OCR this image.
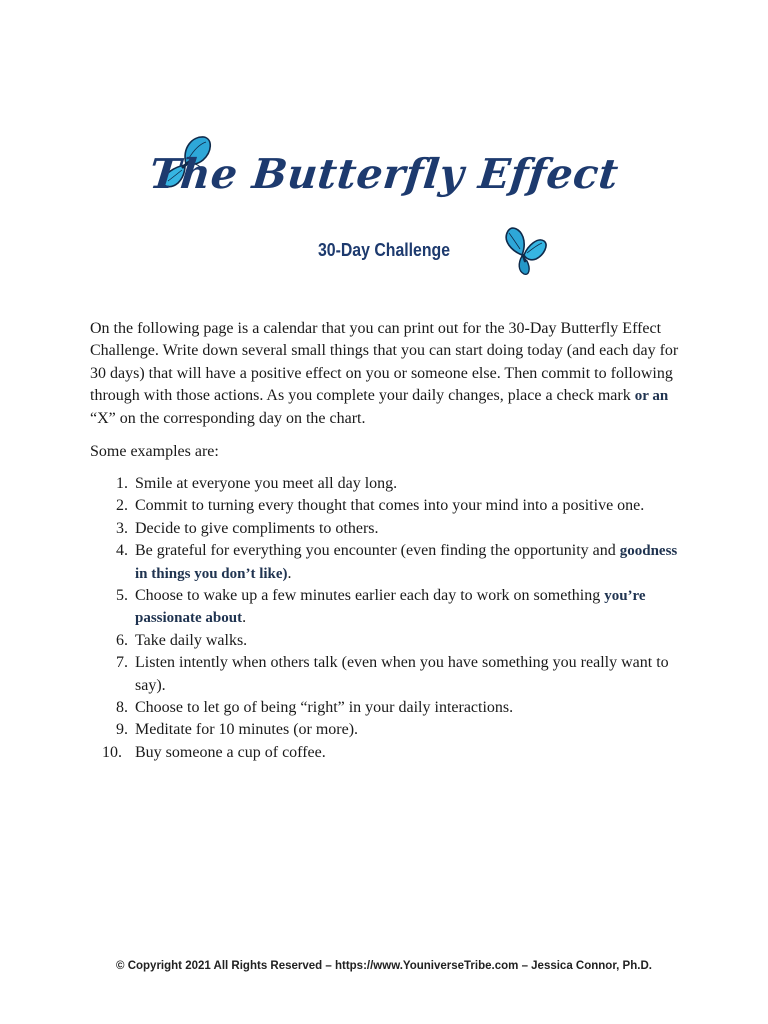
The Butterfly Effect
30-Day Challenge
On the following page is a calendar that you can print out for the 30-Day Butterfly Effect Challenge. Write down several small things that you can start doing today (and each day for 30 days) that will have a positive effect on you or someone else. Then commit to following through with those actions. As you complete your daily changes, place a check mark or an “X” on the corresponding day on the chart.
Some examples are:
1. Smile at everyone you meet all day long.
2. Commit to turning every thought that comes into your mind into a positive one.
3. Decide to give compliments to others.
4. Be grateful for everything you encounter (even finding the opportunity and goodness in things you don’t like).
5. Choose to wake up a few minutes earlier each day to work on something you’re passionate about.
6. Take daily walks.
7. Listen intently when others talk (even when you have something you really want to say).
8. Choose to let go of being “right” in your daily interactions.
9. Meditate for 10 minutes (or more).
10. Buy someone a cup of coffee.
© Copyright 2021 All Rights Reserved – https://www.YouniverseTribe.com – Jessica Connor, Ph.D.
